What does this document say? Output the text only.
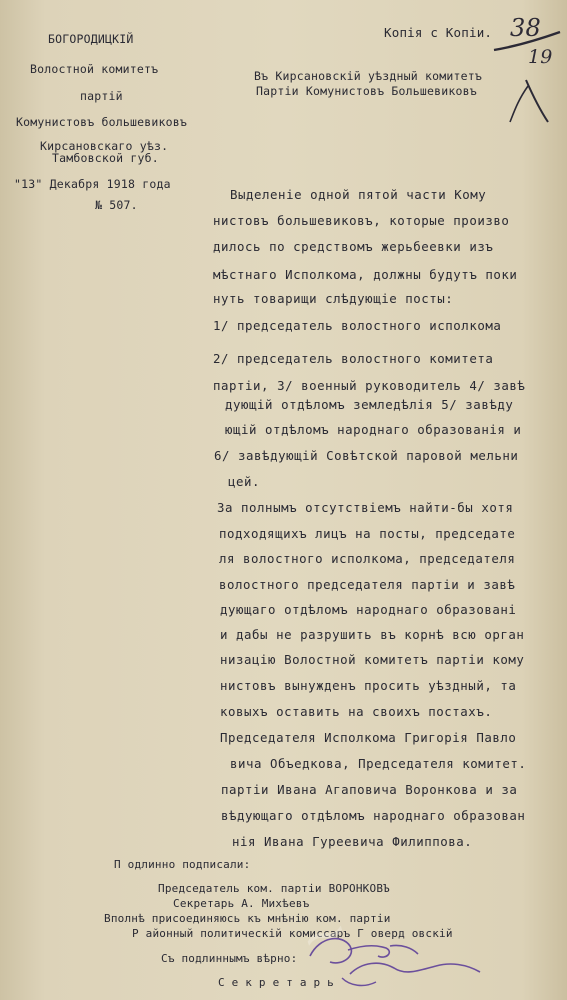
Копія с Копіи. 38
19
БОГОРОДИЦКІЙ
Волостной комитетъ
партій
Комунистовъ большевиковъ
Кирсановскаго уѣз.
Тамбовской губ.
"13" Декабря 1918 года
№ 507.
Въ Кирсановскій уѣздный комитетъ
Партіи Комунистовъ Большевиковъ
Выделеніе одной пятой части Кому
нистовъ большевиковъ, которые произво
дилось по средствомъ жерьбеевки изъ
мѣстнаго Исполкома, должны будутъ поки
нуть товарищи слѣдующіе посты:
1/ председатель волостного исполкома
2/ председатель волостного комитета партіи, 3/ военный руководитель 4/ завѣ
дующій отдѣломъ земледѣлія 5/ завѣду
ющій отдѣломъ народнаго образованія и
6/ завѣдующій Совѣтской паровой мельни
цей.
За полнымъ отсутствіемъ найти-бы хотя
подходящихъ лицъ на посты, председате
ля волостного исполкома, председателя
волостного председателя партіи и завѣ
дующаго отдѣломъ народнаго образовані
и дабы не разрушить въ корнѣ всю орган
низацію Волостной комитетъ партіи кому
нистовъ вынужденъ просить уѣздный, та
ковыхъ оставить на своихъ постахъ.
Председателя Исполкома Григорія Павло
вича Объедкова, Председателя комитет.
партіи Ивана Агаповича Воронкова и за
вѣдующаго отдѣломъ народнаго образован
нія Ивана Гуреевича Филиппова.
П одлинно подписали:
Председатель ком. партіи ВОРОНКОВЪ
Секретарь А. Михѣевъ
Вполнѣ присоединяюсь къ мнѣнію ком. партіи
Р айонный политическій комиссаръ Г оверд овскій
Съ подлиннымъ вѣрно:
С е к р е т а р ь
~
